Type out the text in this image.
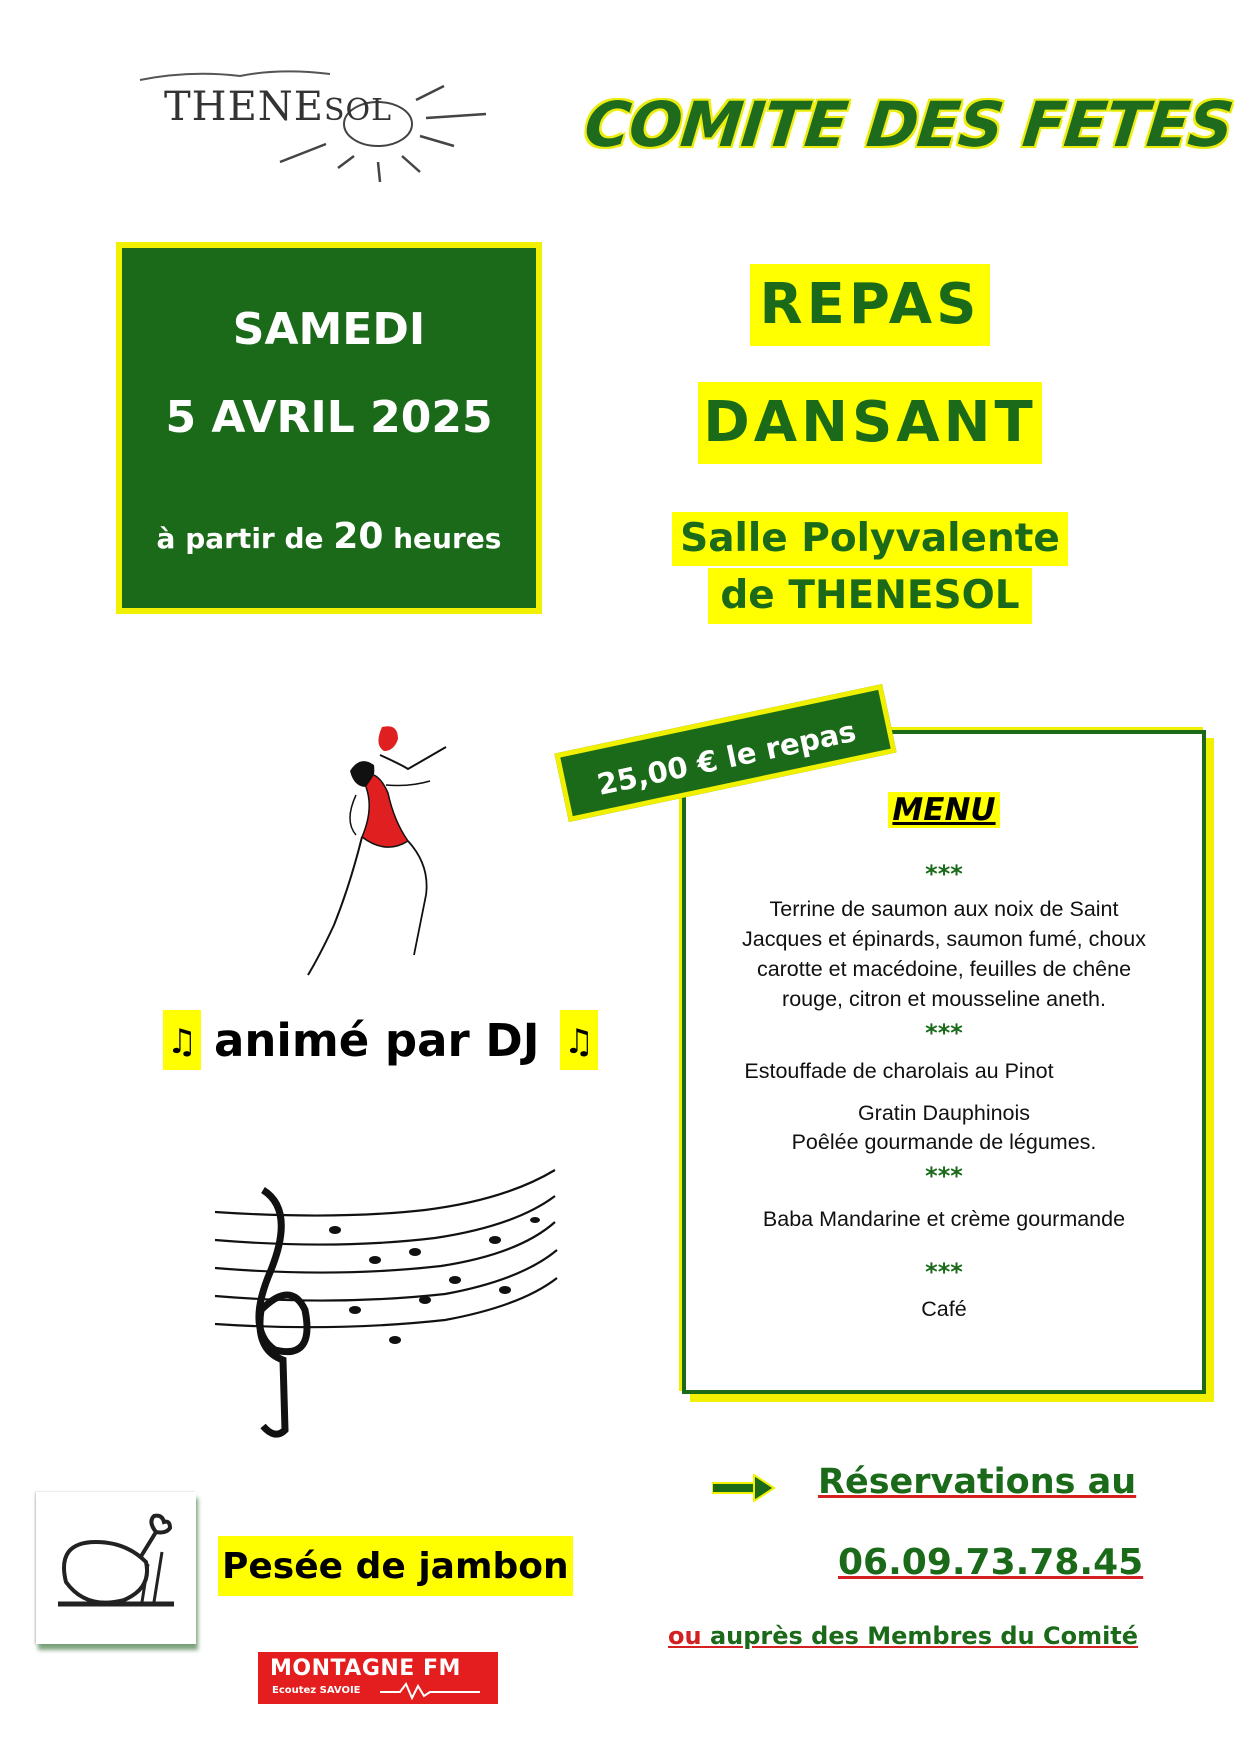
THENESOL	COMITE DES FETES
SAMEDI
5 AVRIL 2025
à partir de 20 heures
REPAS
DANSANT
Salle Polyvalente
de THENESOL
♫ animé par DJ ♫
MENU
***
Terrine de saumon aux noix de Saint
Jacques et épinards, saumon fumé, choux
carotte et macédoine, feuilles de chêne
rouge, citron et mousseline aneth.
***
Estouffade de charolais au Pinot
Gratin Dauphinois
Poêlée gourmande de légumes.
***
Baba Mandarine et crème gourmande
***
Café
25,00 € le repas
Réservations au
06.09.73.78.45
ou auprès des Membres du Comité
Pesée de jambon
MONTAGNE FM
Ecoutez SAVOIE
